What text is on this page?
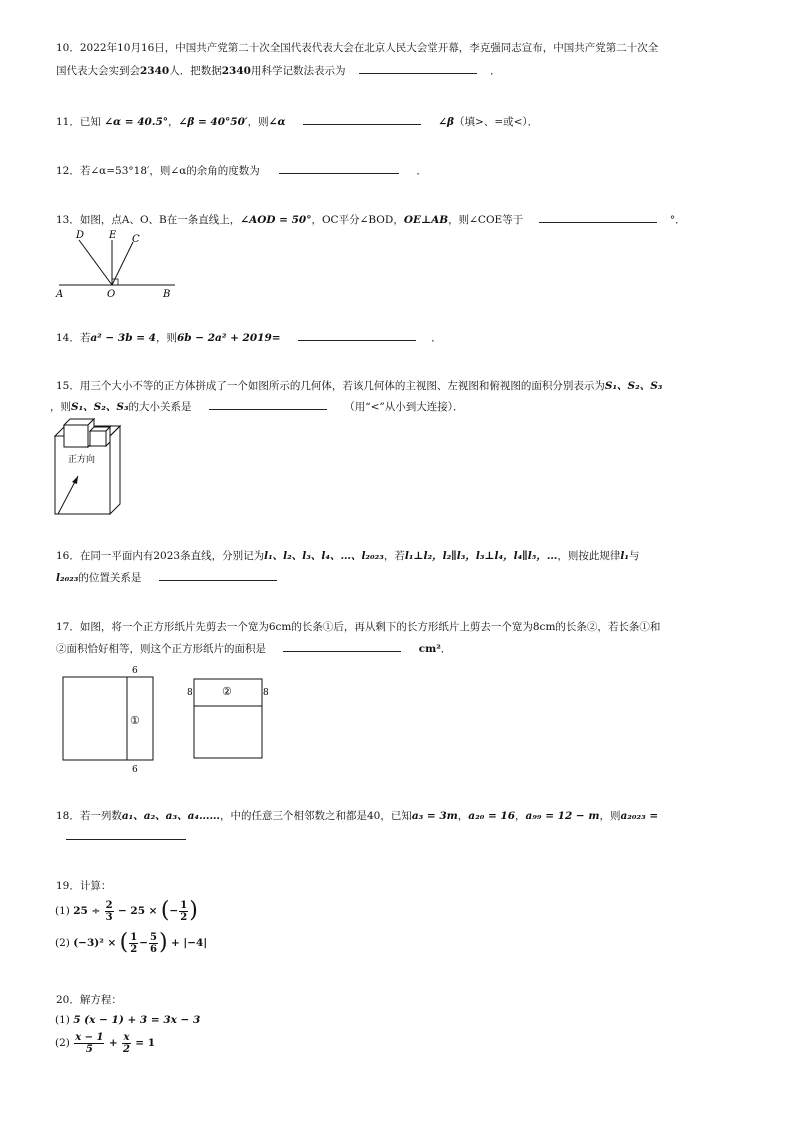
10．2022年10月16日，中国共产党第二十次全国代表代表大会在北京人民大会堂开幕，李克强同志宣布，中国共产党第二十次全
国代表大会实到会2340人．把数据2340用科学记数法表示为	．
11．已知 ∠α = 40.5°，∠β = 40°50′，则∠α	∠β（填>、=或<）．
12．若∠α=53°18′，则∠α的余角的度数为	．
13．如图，点A、O、B在一条直线上，∠AOD = 50°，OC平分∠BOD，OE⊥AB，则∠COE等于	°．
D E C
A	O	B
14．若a² − 3b = 4，则6b − 2a² + 2019=	．
15．用三个大小不等的正方体拼成了一个如图所示的几何体，若该几何体的主视图、左视图和俯视图的面积分别表示为S₁、S₂、S₃
，则S₁、S₂、S₃的大小关系是	（用“<”从小到大连接）．
正方向
16．在同一平面内有2023条直线，分别记为l₁、l₂、l₃、l₄、…、l₂₀₂₃，若l₁⊥l₂，l₂∥l₃，l₃⊥l₄，l₄∥l₅，…，则按此规律l₁与
l₂₀₂₃的位置关系是
17．如图，将一个正方形纸片先剪去一个宽为6cm的长条①后，再从剩下的长方形纸片上剪去一个宽为8cm的长条②，若长条①和
②面积恰好相等，则这个正方形纸片的面积是	cm²．
6
6
①
8	8
②
18．若一列数a₁、a₂、a₃、a₄……，中的任意三个相邻数之和都是40，已知a₃ = 3m，a₂₀ = 16，a₉₉ = 12 − m，则a₂₀₂₃ =
19．计算：
(1) $25 \div \frac{2}{3} - 25$ × (− $\frac{1}{2}$ )
(2) (−3)² × ( $\frac{1}{2} - \frac{5}{6}$ ) + |−4|
20．解方程：
(1) 5 (x − 1) + 3 = 3x − 3
$(2) \frac{x - 1}{5} + \frac{x}{2} = 1$
